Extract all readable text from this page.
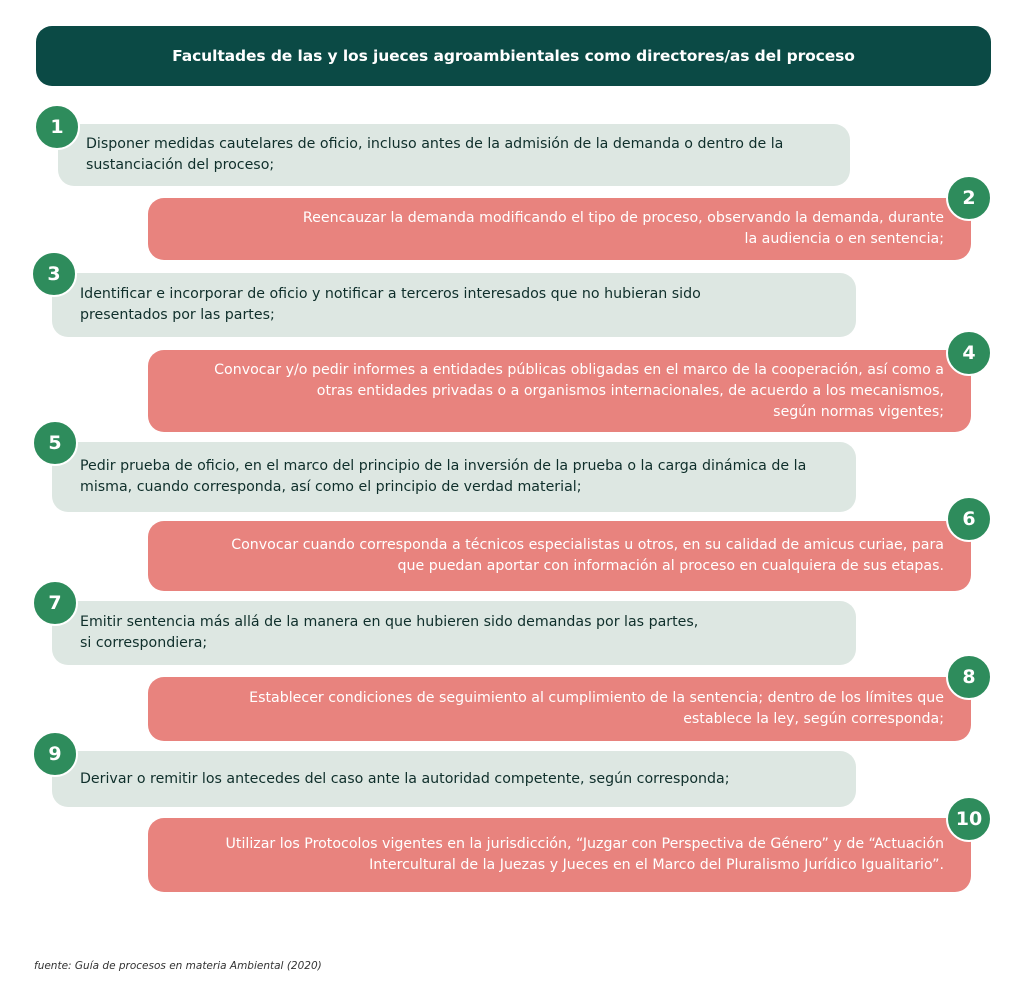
Facultades de las y los jueces agroambientales como directores/as del proceso
Disponer medidas cautelares de oficio, incluso antes de la admisión de la demanda o dentro de la
sustanciación del proceso;
1
Reencauzar la demanda modificando el tipo de proceso, observando la demanda, durante
la audiencia o en sentencia;
2
Identificar e incorporar de oficio y notificar a terceros interesados que no hubieran sido
presentados por las partes;
3
Convocar y/o pedir informes a entidades públicas obligadas en el marco de la cooperación, así como a
otras entidades privadas o a organismos internacionales, de acuerdo a los mecanismos,
según normas vigentes;
4
Pedir prueba de oficio, en el marco del principio de la inversión de la prueba o la carga dinámica de la
misma, cuando corresponda, así como el principio de verdad material;
5
Convocar cuando corresponda a técnicos especialistas u otros, en su calidad de amicus curiae, para
que puedan aportar con información al proceso en cualquiera de sus etapas.
6
Emitir sentencia más allá de la manera en que hubieren sido demandas por las partes,
si correspondiera;
7
Establecer condiciones de seguimiento al cumplimiento de la sentencia; dentro de los límites que
establece la ley, según corresponda;
8
Derivar o remitir los antecedes del caso ante la autoridad competente, según corresponda;
9
Utilizar los Protocolos vigentes en la jurisdicción, “Juzgar con Perspectiva de Género” y de “Actuación
Intercultural de la Juezas y Jueces en el Marco del Pluralismo Jurídico Igualitario”.
10
fuente: Guía de procesos en materia Ambiental (2020)
